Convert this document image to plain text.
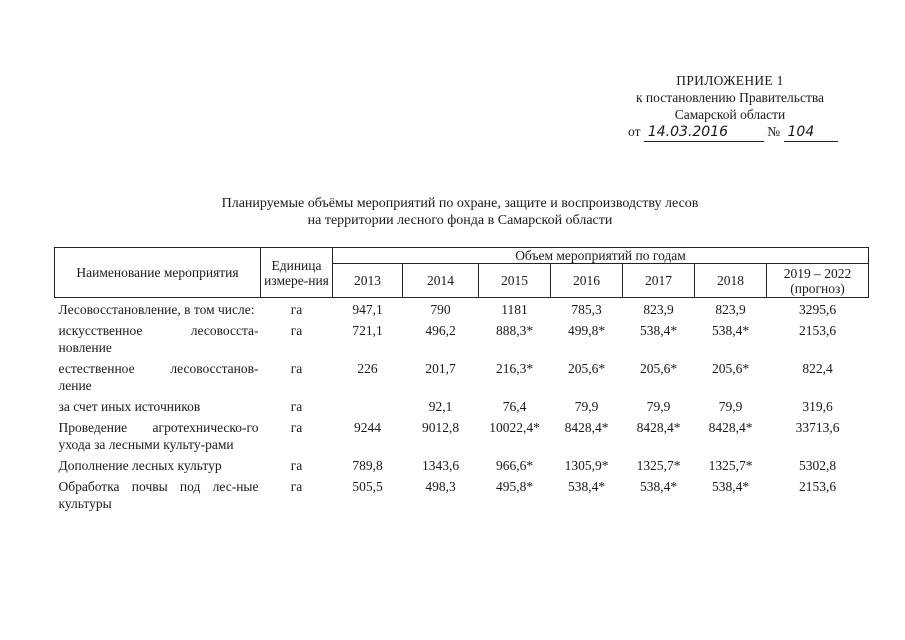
ПРИЛОЖЕНИЕ 1
к постановлению Правительства
Самарской области
от 14.03.2016	№ 104
Планируемые объёмы мероприятий по охране, защите и воспроизводству лесов
на территории лесного фонда в Самарской области
Наименование мероприятия	Единица измере-ния	Объем мероприятий по годам						
		2013	2014	2015	2016	2017	2018	2019 – 2022 (прогноз)
Лесовосстановление, в том числе:	га	947,1	790	1181	785,3	823,9	823,9	3295,6
искусственное лесовосста-новление	га	721,1	496,2	888,3*	499,8*	538,4*	538,4*	2153,6
естественное лесовосстанов-ление	га	226	201,7	216,3*	205,6*	205,6*	205,6*	822,4
за счет иных источников	га		92,1	76,4	79,9	79,9	79,9	319,6
Проведение агротехническо-го ухода за лесными культу-рами	га	9244	9012,8	10022,4*	8428,4*	8428,4*	8428,4*	33713,6
Дополнение лесных культур	га	789,8	1343,6	966,6*	1305,9*	1325,7*	1325,7*	5302,8
Обработка почвы под лес-ные культуры	га	505,5	498,3	495,8*	538,4*	538,4*	538,4*	2153,6
